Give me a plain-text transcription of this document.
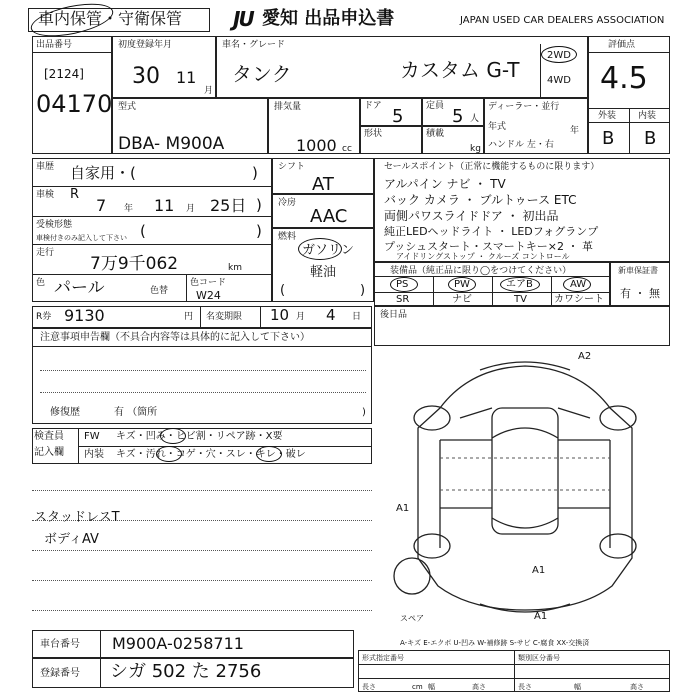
車内保管・守衛保管	JU 愛知 出品申込書	JAPAN USED CAR DEALERS ASSOCIATION
出品番号
[2124]
04170
初度登録年月
30 11
月
車名・グレード
タンク	カスタム G-T
2WD
4WD
評価点
4.5
外装 内装
B B
型式
DBA- M900A
排気量
1000 cc
ドア 5	定員 5 人
形状	積載
kg
ディーラー・並行
年式	年
ハンドル 左・右
車歴 自家用・(	)
車検 R
7 年 11 月 25日 )
受検形態
車検付きのみ記入して下さい (	)
走行
7万9千062	km
色 パール	色替
色コード
W24
シフト
AT
冷房
AAC
燃料
ガソリン
軽油
(	)
セールスポイント（正常に機能するものに限ります）
アルパイン ナビ ・ TV
バック カメラ ・ ブルトゥース ETC
両側パワスライドドア ・ 初出品
純正LEDヘッドライト ・ LEDフォグランプ
プッシュスタート・スマートキー×2 ・ 革
アイドリングストップ ・ クルーズ コントロール
装備品（純正品に限り◯をつけてください）
PS	PW	エアB	AW
SR	ナビ	TV	カワシート
新車保証書
有 ・ 無
R券 9130	円 名変期限 10 月 4 日 後日品
注意事項申告欄（不具合内容等は具体的に記入して下さい）
修復歴	有 （箇所	)
検査員
記入欄
FW キズ・凹み・ヒビ割・リペア跡・X要
内装 キズ・汚れ・コゲ・穴・スレ・キレ・破レ
スタッドレスT
ボディAV
A2
A1
A1
A1
スペア
A-キズ E-エクボ U-凹み W-補修跡 S-サビ C-腐食 XX-交換済
車台番号 M900A-0258711
登録番号 シガ 502 た 2756
形式指定番号	類別区分番号
長さ	cm 幅	高さ	長さ	幅	高さ
